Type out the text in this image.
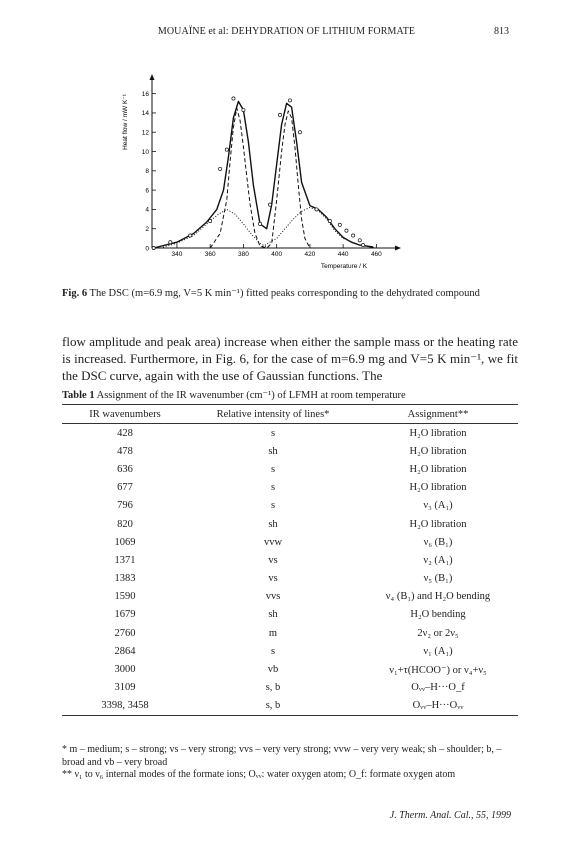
MOUAÏNE et al: DEHYDRATION OF LITHIUM FORMATE	813
0
2
4
6
8
10
12
14
16
340	360	380	400	420	440	460
Temperature / K
Heat flow / mW K⁻¹
Fig. 6 The DSC (m=6.9 mg, V=5 K min⁻¹) fitted peaks corresponding to the dehydrated compound
flow amplitude and peak area) increase when either the sample mass or the heating rate is increased. Furthermore, in Fig. 6, for the case of m=6.9 mg and V=5 K min⁻¹, we fit the DSC curve, again with the use of Gaussian functions. The
Table 1 Assignment of the IR wavenumber (cm⁻¹) of LFMH at room temperature
IR wavenumbers	Relative intensity of lines*	Assignment**
428	s	H₂O libration
478	sh	H₂O libration
636	s	H₂O libration
677	s	H₂O libration
796	s	ν₃ (A₁)
820	sh	H₂O libration
1069	vvw	ν₆ (B₁)
1371	vs	ν₂ (A₁)
1383	vs	ν₅ (B₁)
1590	vvs	ν₄ (B₁) and H₂O bending
1679	sh	H₂O bending
2760	m	2ν₂ or 2ν₅
2864	s	ν₁ (A₁)
3000	vb	ν₁+τ(HCOO⁻) or ν₄+ν₅
3109	s, b	Oᵥᵥ–H···O_f
3398, 3458	s, b	Oᵥᵥ–H···Oᵥᵥ
* m – medium; s – strong; vs – very strong; vvs – very very strong; vvw – very very weak; sh – shoulder; b, – broad and vb – very broad
** ν₁ to ν₆ internal modes of the formate ions; Oᵥᵥ: water oxygen atom; O_f: formate oxygen atom
J. Therm. Anal. Cal., 55, 1999
